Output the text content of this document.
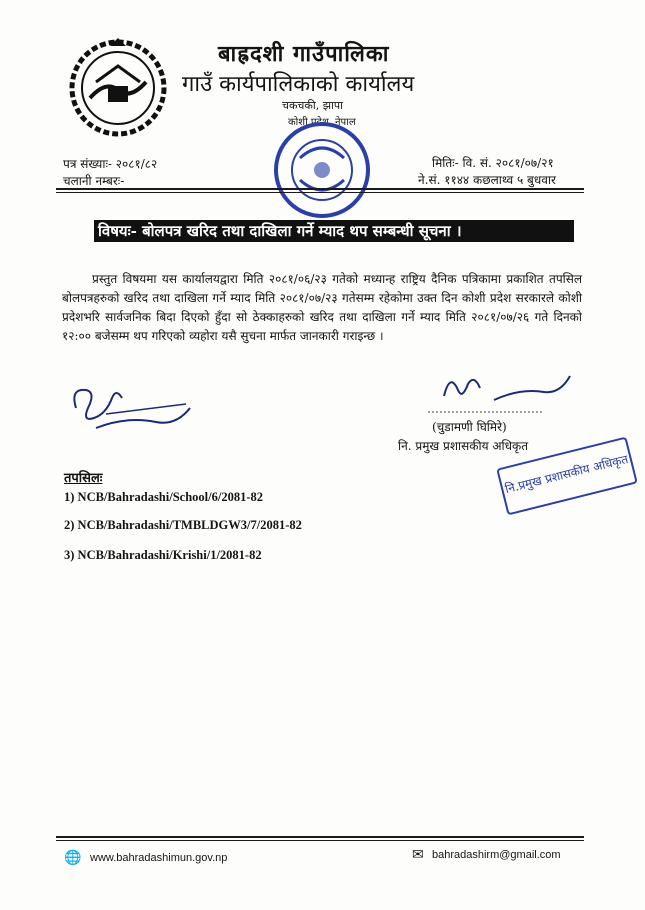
बाह्रदशी गाउँपालिका
गाउँ कार्यपालिकाको कार्यालय
चकचकी, झापा
कोशी प्रदेश, नेपाल
पत्र संख्याः- २०८१/८२
चलानी नम्बरः-
मितिः- वि. सं. २०८१/०७/२१
ने.सं. ११४४ कछलाथ्व ५ बुधवार
विषयः- बोलपत्र खरिद तथा दाखिला गर्ने म्याद थप सम्बन्धी सूचना ।

प्रस्तुत विषयमा यस कार्यालयद्वारा मिति २०८१/०६/२३ गतेको मध्यान्ह राष्ट्रिय दैनिक पत्रिकामा प्रकाशित तपसिल बोलपत्रहरुको खरिद तथा दाखिला गर्ने म्याद मिति २०८१/०७/२३ गतेसम्म रहेकोमा उक्त दिन कोशी प्रदेश सरकारले कोशी प्रदेशभरि सार्वजनिक बिदा दिएको हुँदा सो ठेक्काहरुको खरिद तथा दाखिला गर्ने म्याद मिति २०८१/०७/२६ गते दिनको १२:०० बजेसम्म थप गरिएको व्यहोरा यसै सुचना मार्फत जानकारी गराइन्छ ।

(चुडामणी घिमिरे)
नि. प्रमुख प्रशासकीय अधिकृत
नि.प्रमुख प्रशासकीय अधिकृत
तपसिलः
1) NCB/Bahradashi/School/6/2081-82
2) NCB/Bahradashi/TMBLDGW3/7/2081-82
3) NCB/Bahradashi/Krishi/1/2081-82
🌐 www.bahradashimun.gov.np	✉ bahradashirm@gmail.com
